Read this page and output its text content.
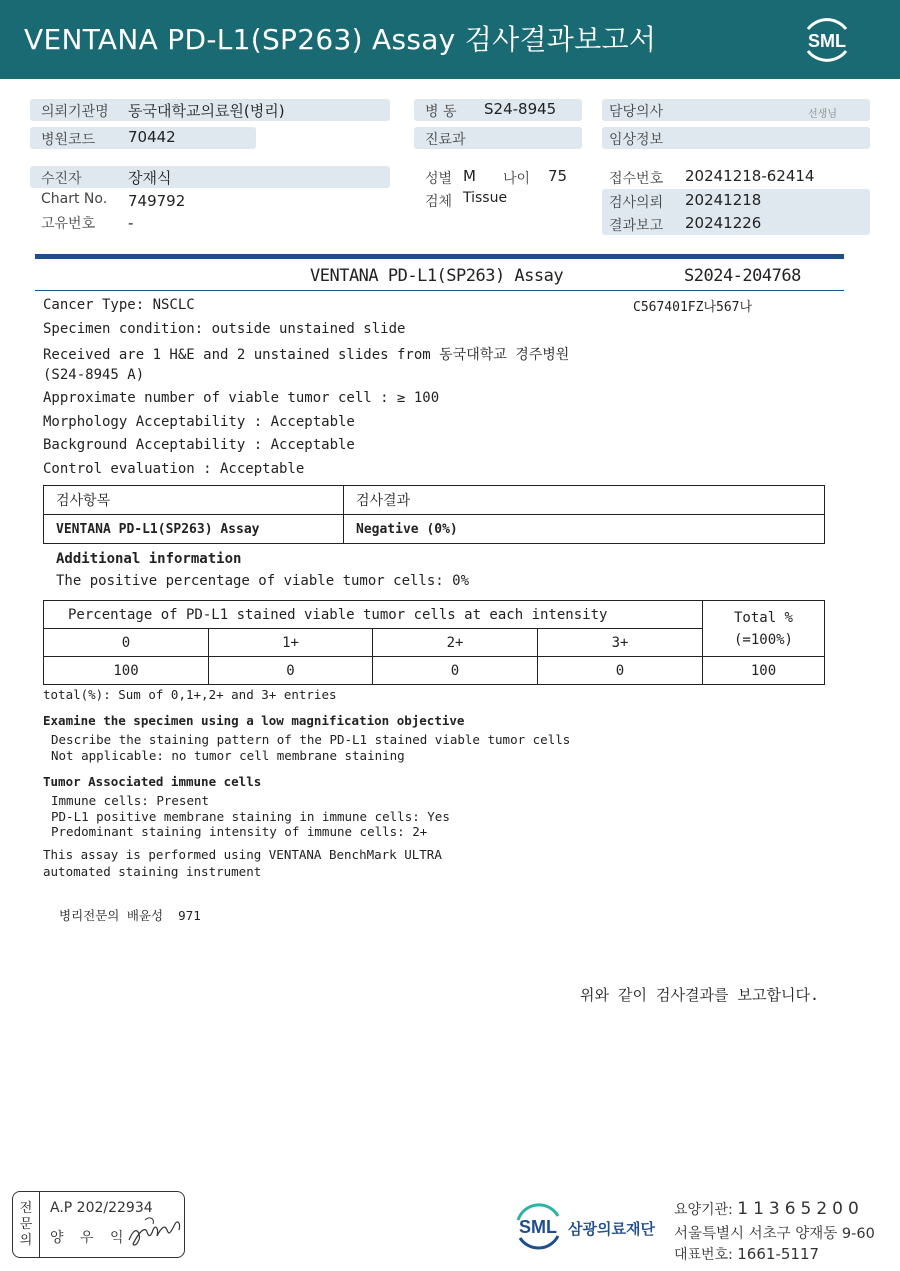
VENTANA PD-L1(SP263) Assay 검사결과보고서	SML
의뢰기관명 동국대학교의료원(병리)
병원코드 70442
병 동 S24-8945
진료과
담당의사	선생님
임상정보
수진자	장재식
Chart No. 749792
고유번호 -
성별 M 나이 75
검체 Tissue
접수번호 20241218-62414
검사의뢰 20241218
결과보고 20241226
VENTANA PD-L1(SP263) Assay	S2024-204768
C567401FZ나567나
Cancer Type: NSCLC
Specimen condition: outside unstained slide
Received are 1 H&E and 2 unstained slides from 동국대학교 경주병원
(S24-8945 A)
Approximate number of viable tumor cell : ≥ 100
Morphology Acceptability : Acceptable
Background Acceptability : Acceptable
Control evaluation : Acceptable
검사항목	검사결과
VENTANA PD-L1(SP263) Assay	Negative (0%)
Additional information
The positive percentage of viable tumor cells: 0%
Percentage of PD-L1 stained viable tumor cells at each intensity				Total %
(=100%)

0	1+	2+	3+	
100	0	0	0	100
total(%): Sum of 0,1+,2+ and 3+ entries
Examine the specimen using a low magnification objective
Describe the staining pattern of the PD-L1 stained viable tumor cells
Not applicable: no tumor cell membrane staining
Tumor Associated immune cells
Immune cells: Present
PD-L1 positive membrane staining in immune cells: Yes
Predominant staining intensity of immune cells: 2+
This assay is performed using VENTANA BenchMark ULTRA
automated staining instrument
병리전문의 배윤성  971
위와 같이 검사결과를 보고합니다.
전
문
의
A.P 202/22934
양 우 익
SML 삼광의료재단
요양기관: 11365200
서울특별시 서초구 양재동 9-60
대표번호: 1661-5117
